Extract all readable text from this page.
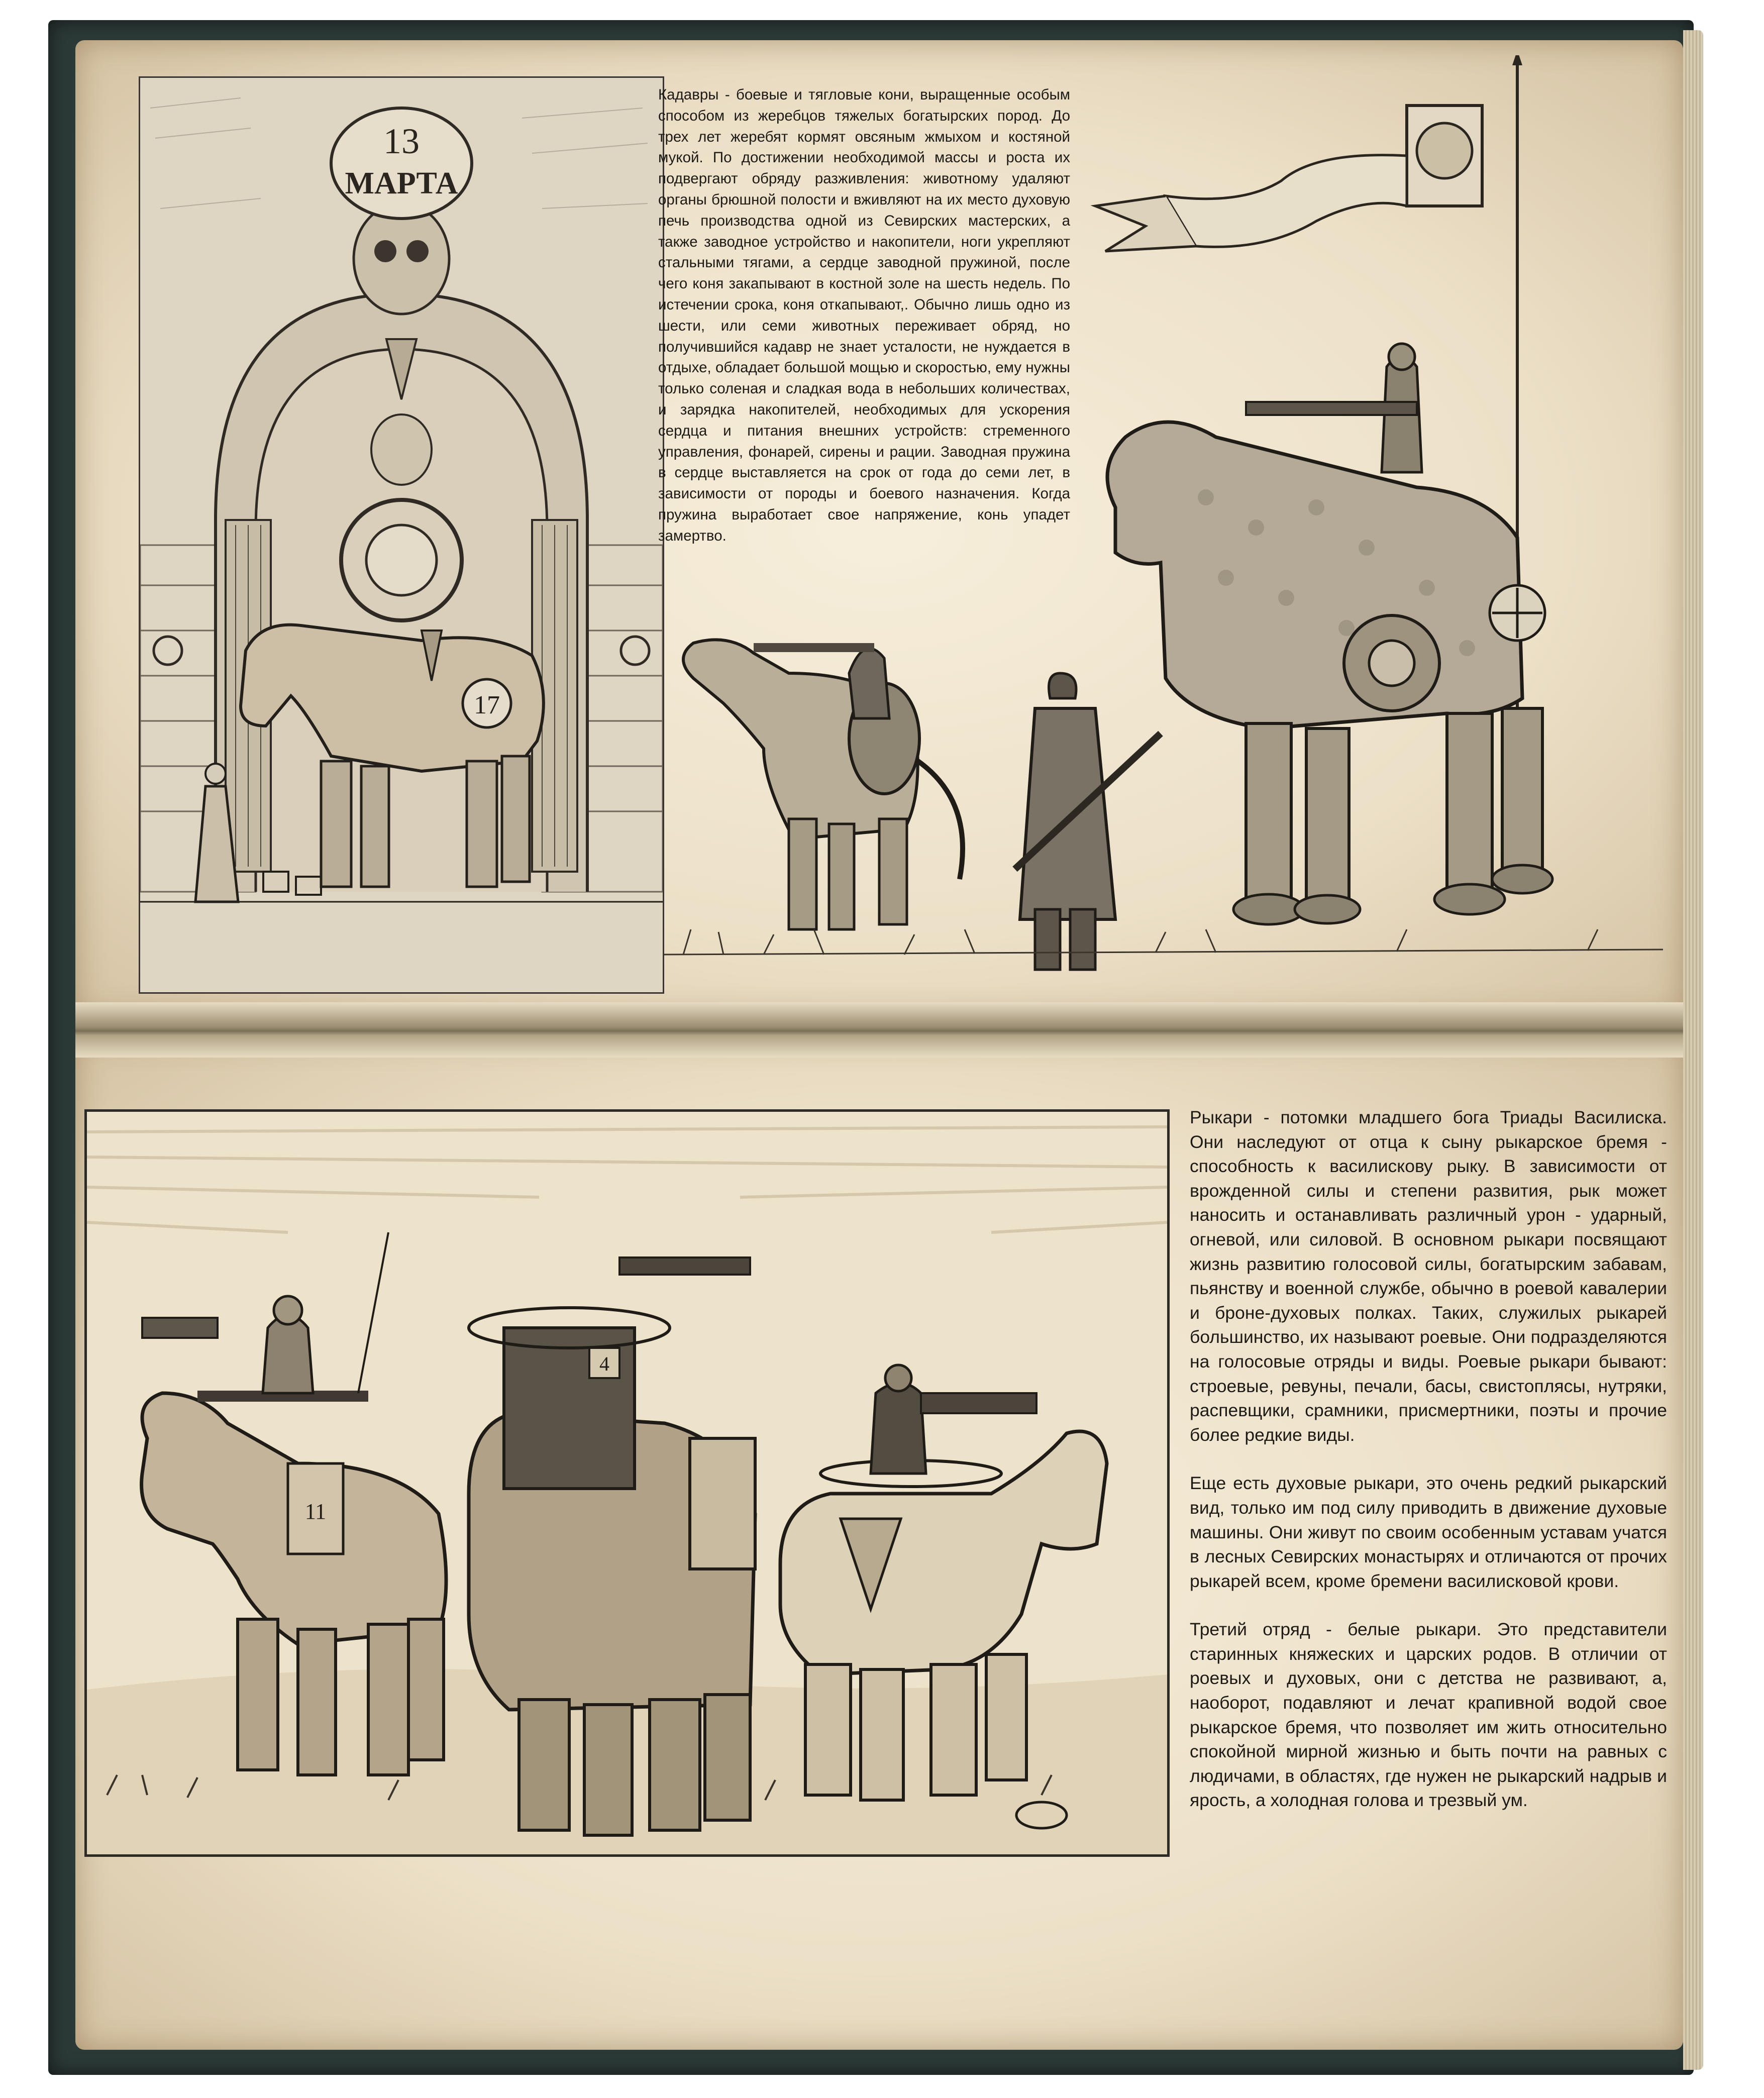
13
МАРТА
17

Кадавры - боевые и тягловые кони, выращенные особым способом из жеребцов тяжелых богатырских пород. До трех лет жеребят кормят овсяным жмыхом и костяной мукой. По достижении необходимой массы и роста их подвергают обряду разживления: животному удаляют органы брюшной полости и вживляют на их место духовую печь производства одной из Севирских мастерских, а также заводное устройство и накопители, ноги укрепляют стальными тягами, а сердце заводной пружиной, после чего коня закапывают в костной золе на шесть недель. По истечении срока, коня откапывают,. Обычно лишь одно из шести, или семи животных переживает обряд, но получившийся кадавр не знает усталости, не нуждается в отдыхе, обладает большой мощью и скоростью, ему нужны только соленая и сладкая вода в небольших количествах, и зарядка накопителей, необходимых для ускорения сердца и питания внешних устройств: стременного управления, фонарей, сирены и рации. Заводная пружина в сердце выставляется на срок от года до семи лет, в зависимости от породы и боевого назначения. Когда пружина выработает свое напряжение, конь упадет замертво.

11
4

Рыкари - потомки младшего бога Триады Василиска. Они наследуют от отца к сыну рыкарское бремя - способность к василискову рыку. В зависимости от врожденной силы и степени развития, рык может наносить и останавливать различный урон - ударный, огневой, или силовой. В основном рыкари посвящают жизнь развитию голосовой силы, богатырским забавам, пьянству и военной службе, обычно в роевой кавалерии и броне-духовых полках. Таких, служилых рыкарей большинство, их называют роевые. Они подразделяются на голосовые отряды и виды. Роевые рыкари бывают: строевые, ревуны, печали, басы, свистоплясы, нутряки, распевщики, срамники, присмертники, поэты и прочие более редкие виды.

Еще есть духовые рыкари, это очень редкий рыкарский вид, только им под силу приводить в движение духовые машины. Они живут по своим особенным уставам учатся в лесных Севирских монастырях и отличаются от прочих рыкарей всем, кроме бремени василисковой крови.

Третий отряд - белые рыкари. Это представители старинных княжеских и царских родов. В отличии от роевых и духовых, они с детства не развивают, а, наоборот, подавляют и лечат крапивной водой свое рыкарское бремя, что позволяет им жить относительно спокойной мирной жизнью и быть почти на равных с людичами, в областях, где нужен не рыкарский надрыв и ярость, а холодная голова и трезвый ум.
